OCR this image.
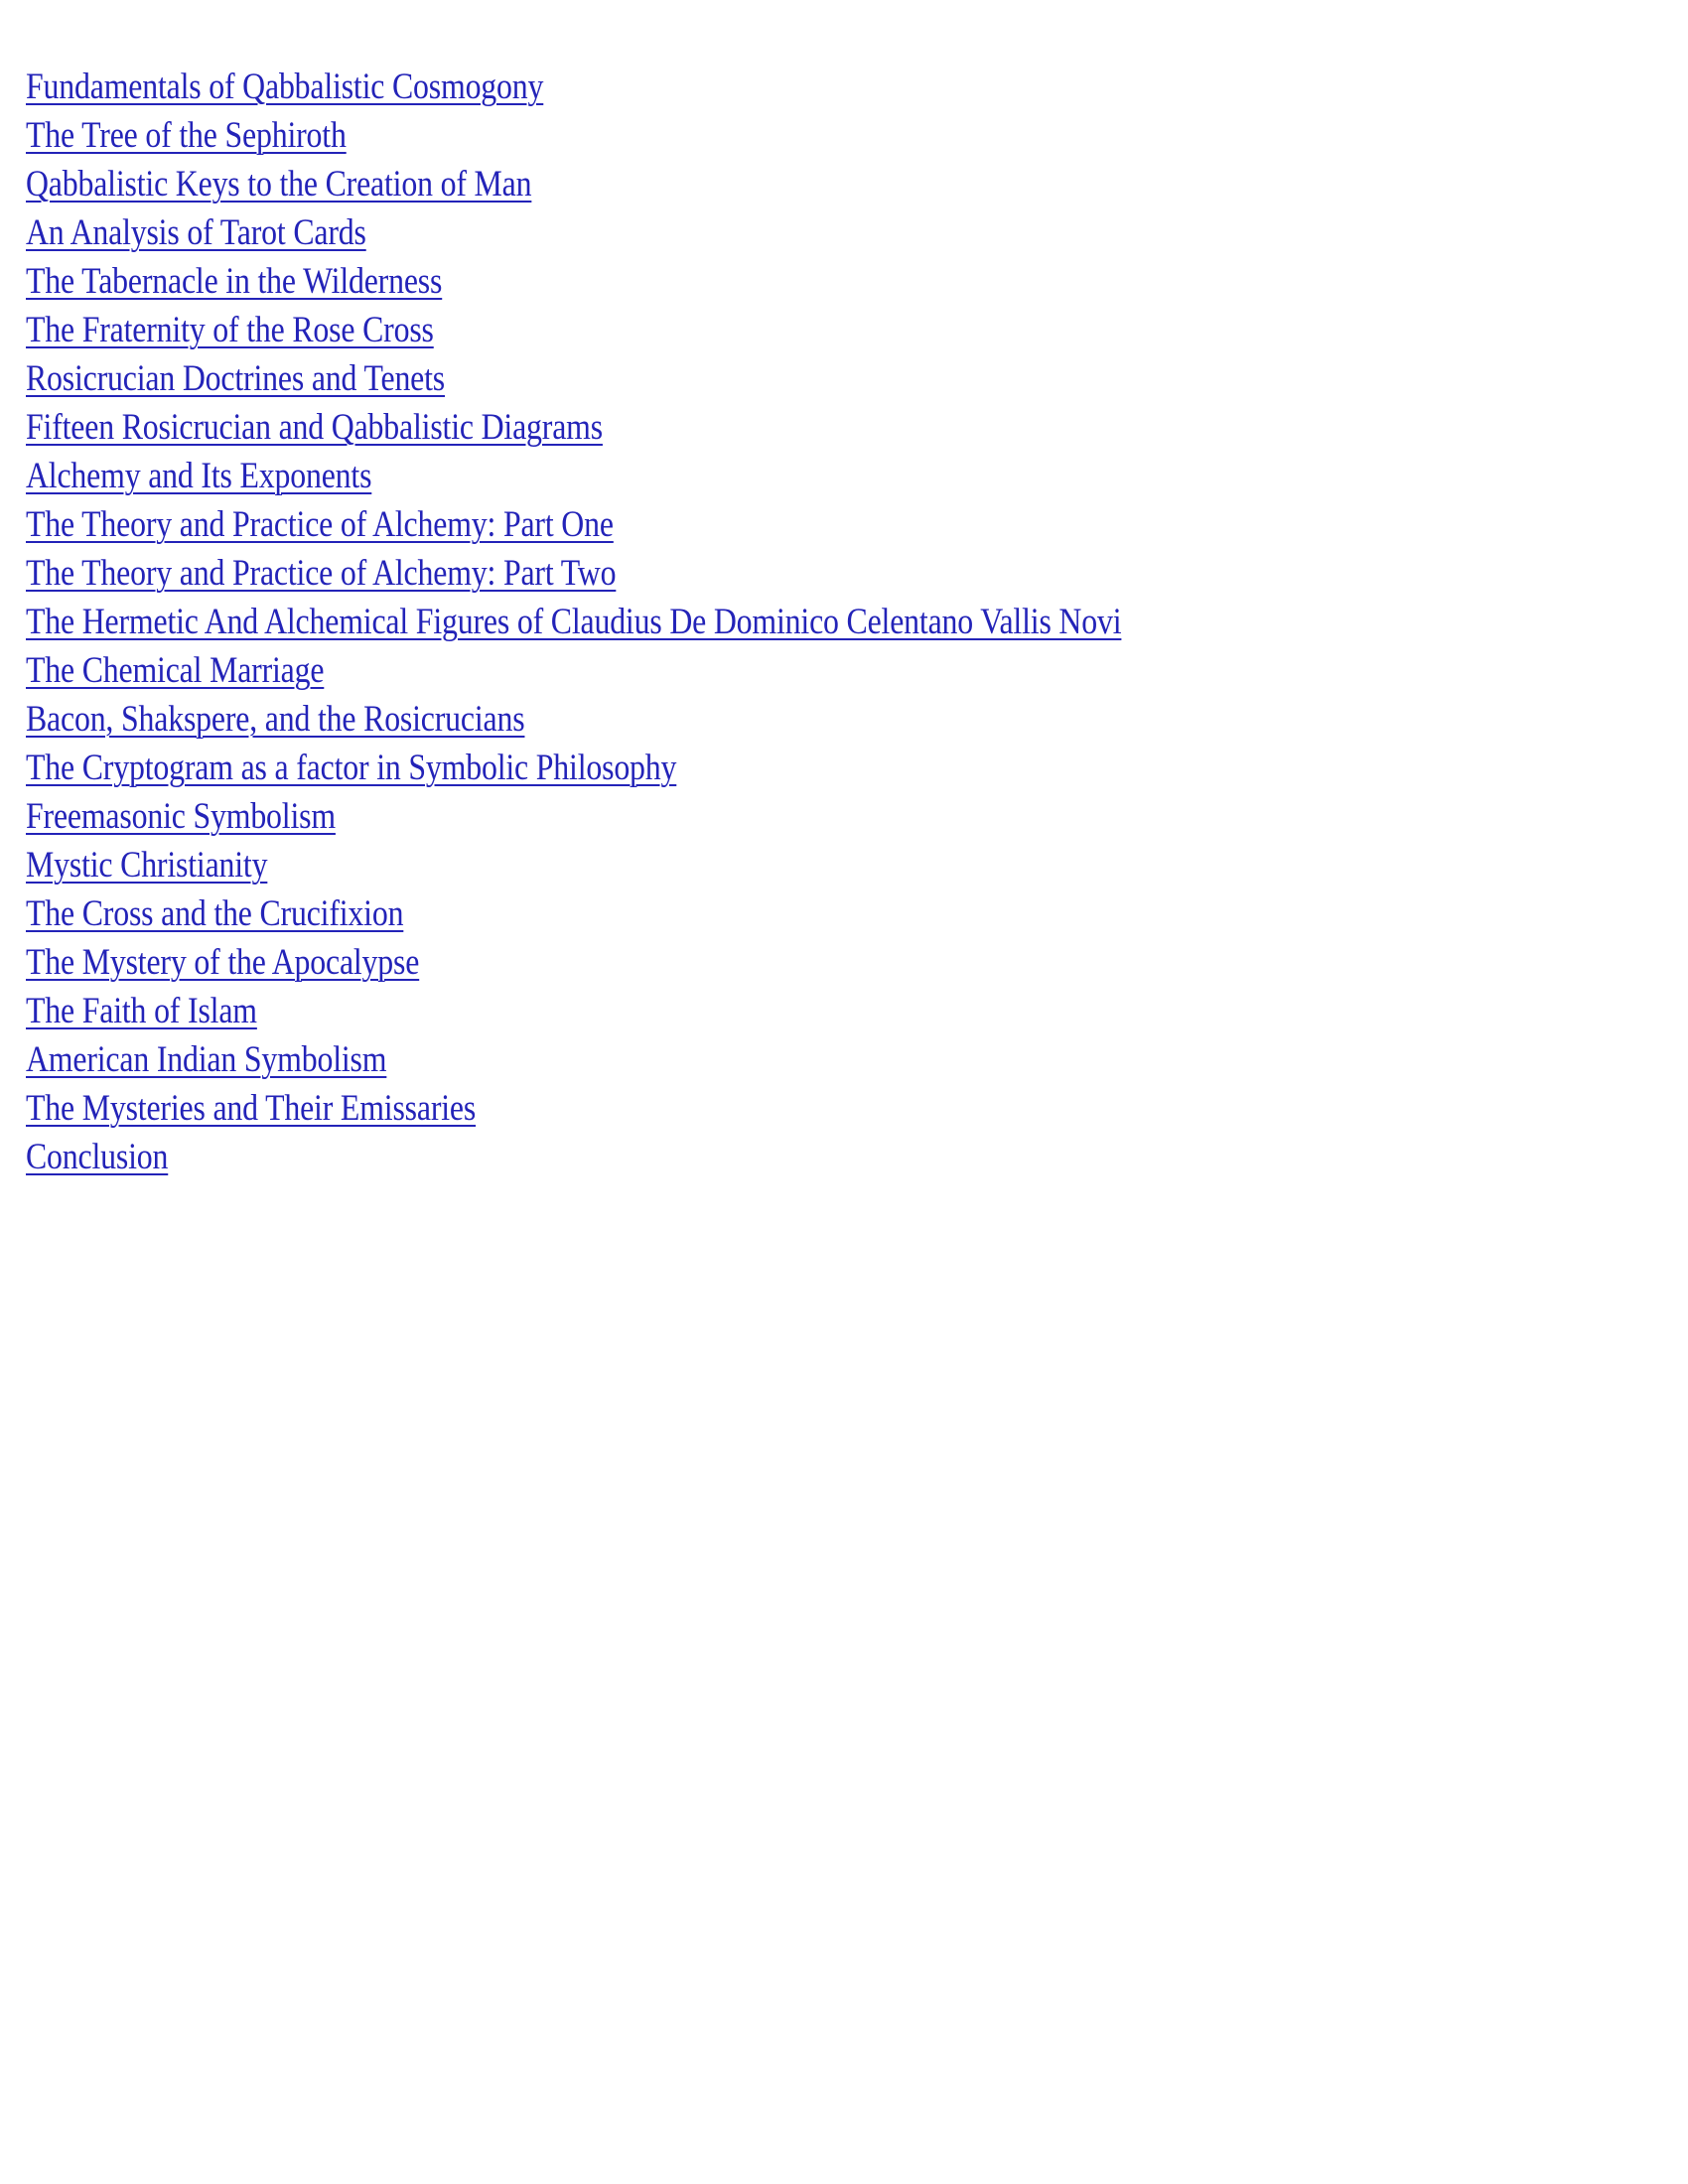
Fundamentals of Qabbalistic Cosmogony
The Tree of the Sephiroth
Qabbalistic Keys to the Creation of Man
An Analysis of Tarot Cards
The Tabernacle in the Wilderness
The Fraternity of the Rose Cross
Rosicrucian Doctrines and Tenets
Fifteen Rosicrucian and Qabbalistic Diagrams
Alchemy and Its Exponents
The Theory and Practice of Alchemy: Part One
The Theory and Practice of Alchemy: Part Two
The Hermetic And Alchemical Figures of Claudius De Dominico Celentano Vallis Novi
The Chemical Marriage
Bacon, Shakspere, and the Rosicrucians
The Cryptogram as a factor in Symbolic Philosophy
Freemasonic Symbolism
Mystic Christianity
The Cross and the Crucifixion
The Mystery of the Apocalypse
The Faith of Islam
American Indian Symbolism
The Mysteries and Their Emissaries
Conclusion
